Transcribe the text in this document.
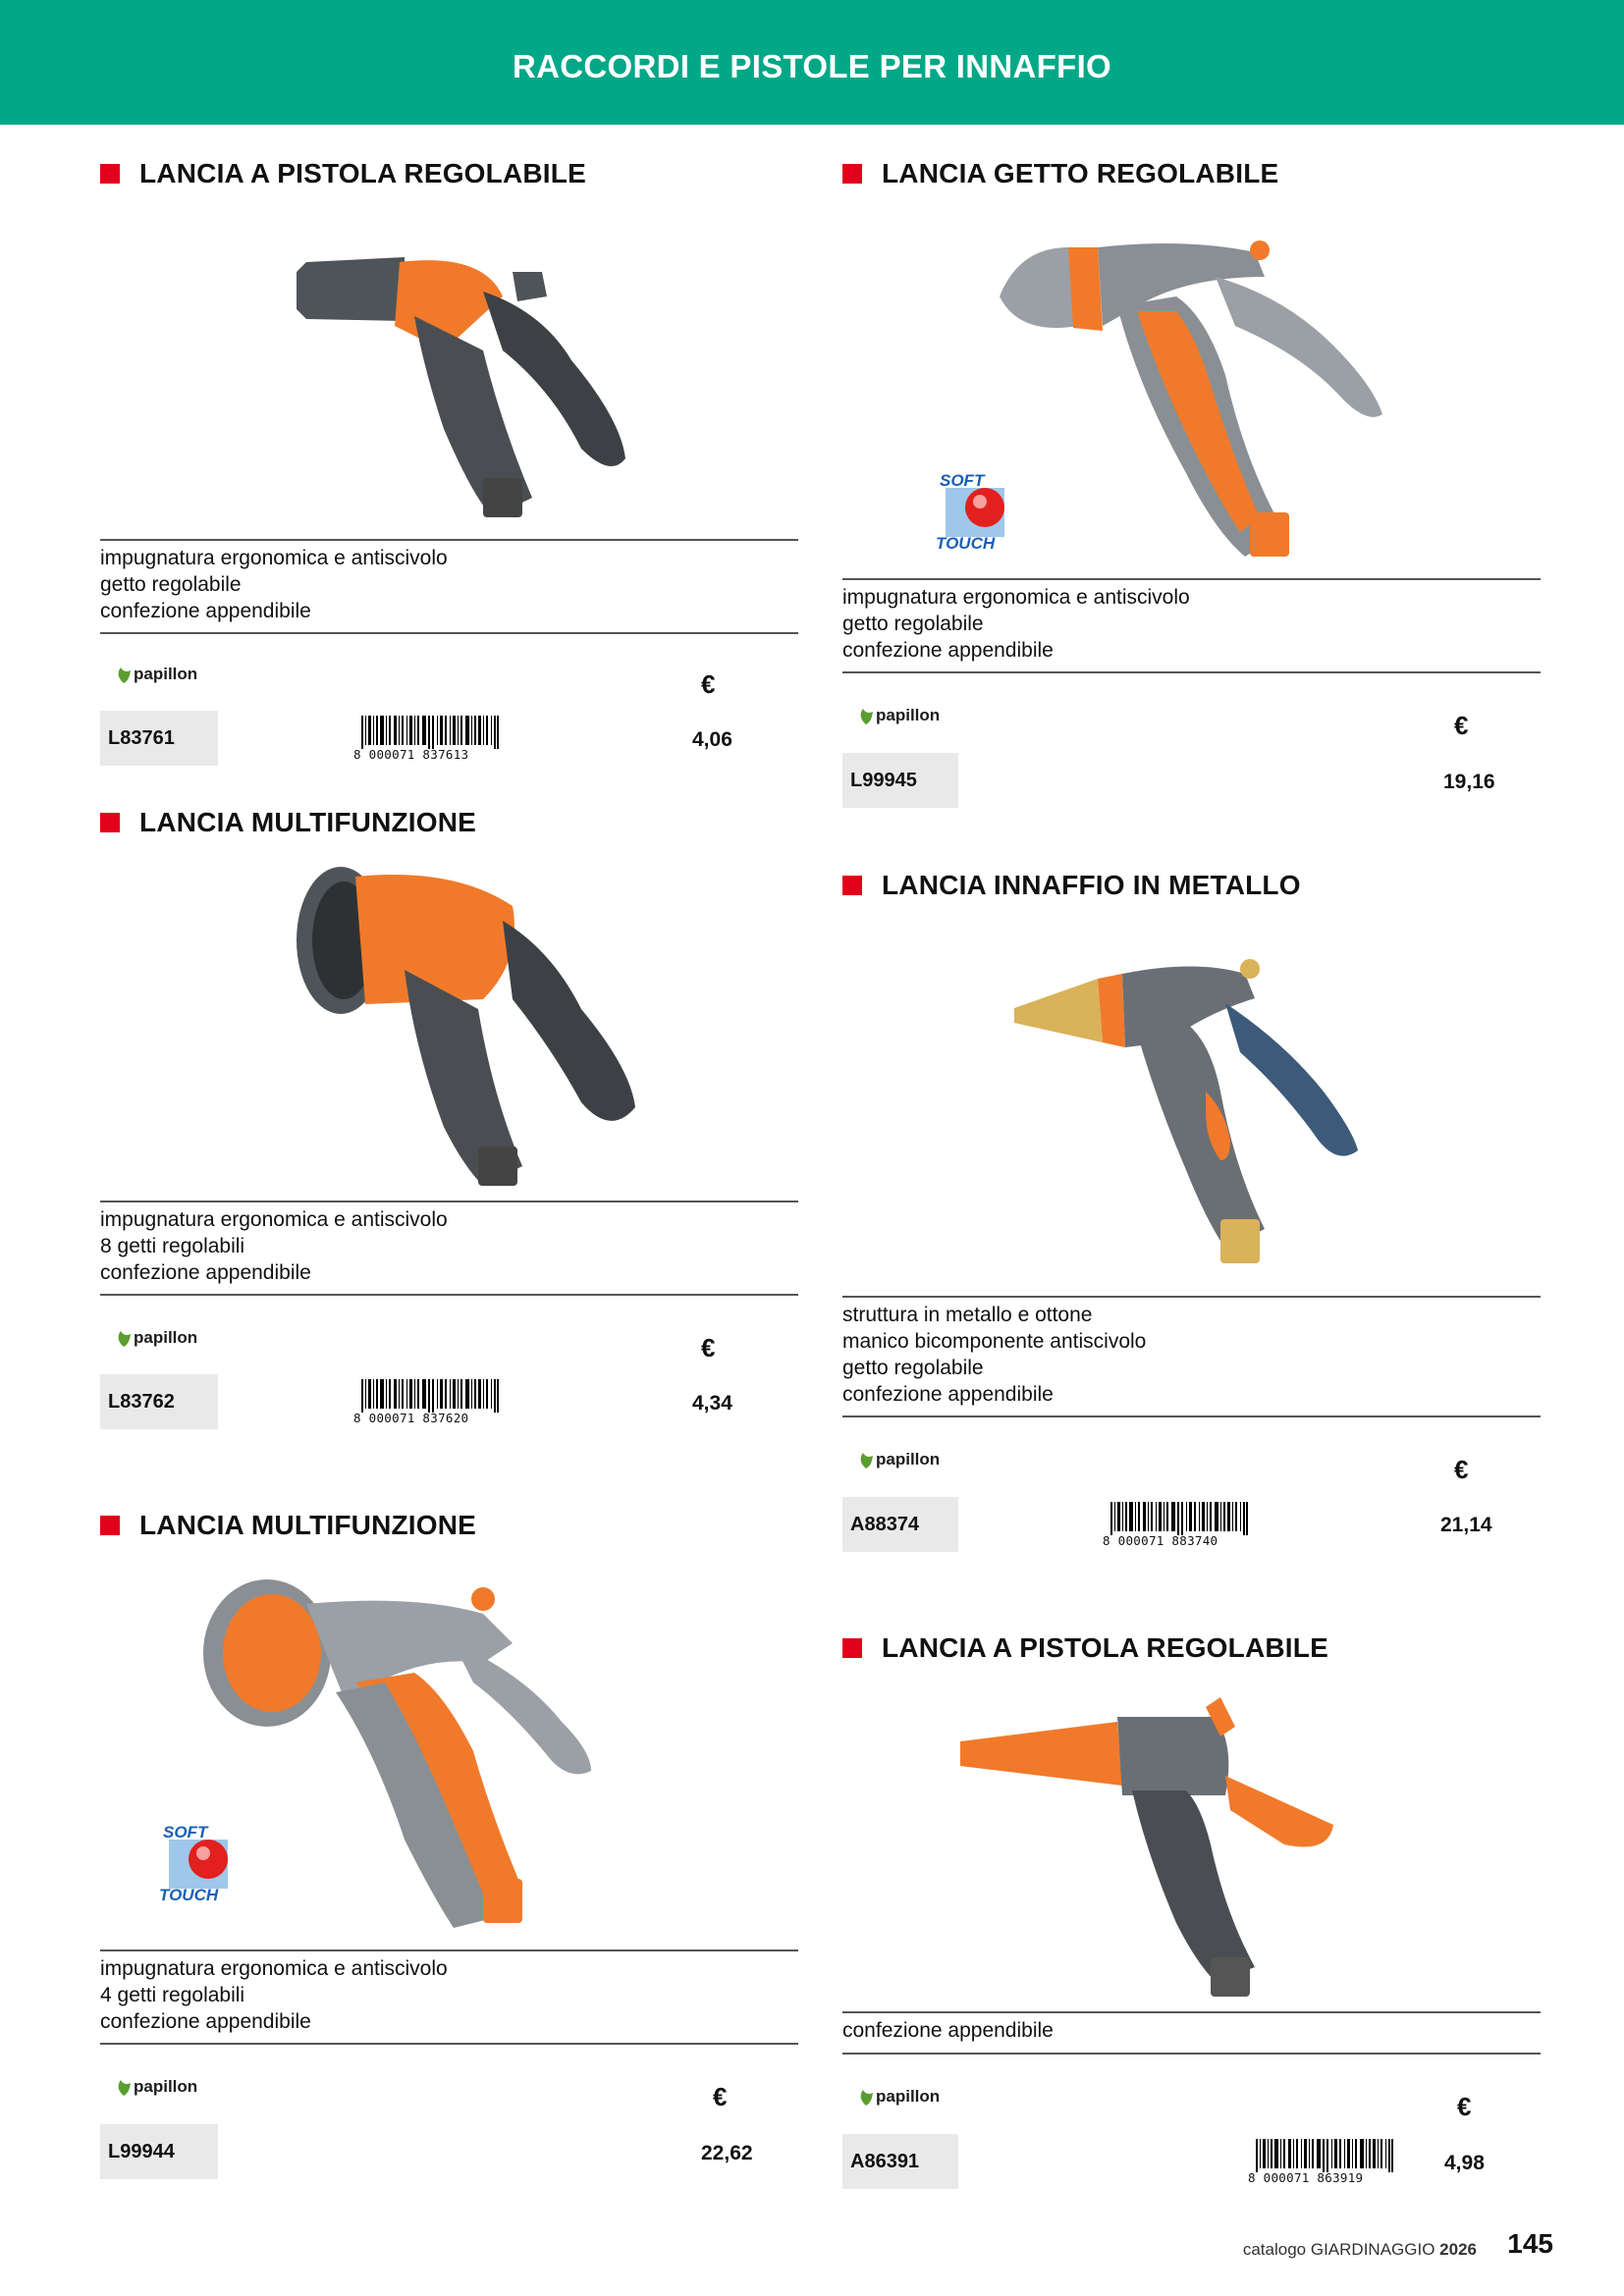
RACCORDI E PISTOLE PER INNAFFIO
LANCIA A PISTOLA REGOLABILE
impugnatura ergonomica e antiscivolo
getto regolabile
confezione appendibile
papillon	€
L83761
8 000071 837613
4,06
LANCIA MULTIFUNZIONE
impugnatura ergonomica e antiscivolo
8 getti regolabili
confezione appendibile
papillon	€
L83762
8 000071 837620
4,34
LANCIA MULTIFUNZIONE
SOFT
TOUCH
impugnatura ergonomica e antiscivolo
4 getti regolabili
confezione appendibile
papillon	€
L99944	22,62
LANCIA GETTO REGOLABILE
SOFT
TOUCH
impugnatura ergonomica e antiscivolo
getto regolabile
confezione appendibile
papillon	€
L99945	19,16
LANCIA INNAFFIO IN METALLO
struttura in metallo e ottone
manico bicomponente antiscivolo
getto regolabile
confezione appendibile
papillon	€
A88374
8 000071 883740
21,14
LANCIA A PISTOLA REGOLABILE
confezione appendibile
papillon	€
A86391
8 000071 863919
4,98
catalogo GIARDINAGGIO 2026 145
